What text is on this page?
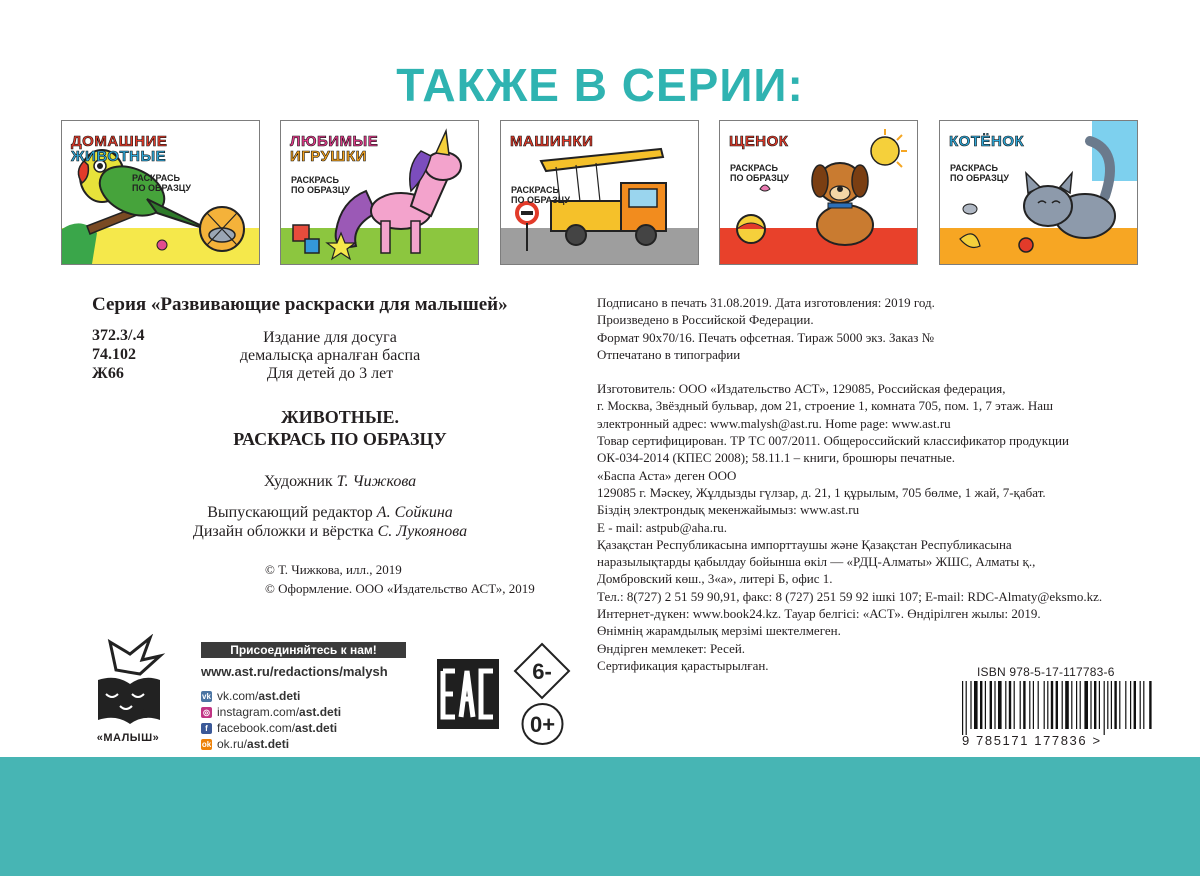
ТАКЖЕ В СЕРИИ:
ДОМАШНИЕ
ЖИВОТНЫЕ
РАСКРАСЬ
ПО ОБРАЗЦУ
ЛЮБИМЫЕ
ИГРУШКИ
РАСКРАСЬ
ПО ОБРАЗЦУ
МАШИНКИ
РАСКРАСЬ
ПО ОБРАЗЦУ
ЩЕНОК
РАСКРАСЬ
ПО ОБРАЗЦУ
КОТЁНОК
РАСКРАСЬ
ПО ОБРАЗЦУ
Серия «Развивающие раскраски для малышей»
372.3/.4
74.102
Ж66
Издание для досуга
демалысқа арналған баспа
Для детей до 3 лет
ЖИВОТНЫЕ.
РАСКРАСЬ ПО ОБРАЗЦУ
Художник Т. Чижкова
Выпускающий редактор А. Сойкина
Дизайн обложки и вёрстка С. Лукоянова
© Т. Чижкова, илл., 2019
© Оформление. ООО «Издательство АСТ», 2019

Подписано в печать 31.08.2019. Дата изготовления: 2019 год.

Произведено в Российской Федерации.

Формат 90x70/16. Печать офсетная. Тираж 5000 экз. Заказ №

Отпечатано в типографии

Изготовитель: ООО «Издательство АСТ», 129085, Российская федерация,

г. Москва, Звёздный бульвар, дом 21, строение 1, комната 705, пом. 1, 7 этаж. Наш

электронный адрес: www.malysh@ast.ru. Home page: www.ast.ru

Товар сертифицирован. ТР ТС 007/2011. Общероссийский классификатор продукции

ОК-034-2014 (КПЕС 2008); 58.11.1 – книги, брошюры печатные.

«Баспа Аста» деген ООО

129085 г. Мәскеу, Жұлдызды гүлзар, д. 21, 1 құрылым, 705 бөлме, 1 жай, 7-қабат.

Біздің электрондық мекенжайымыз: www.ast.ru

E - mail: astpub@aha.ru.

Қазақстан Республикасына импорттаушы және Қазақстан Республикасына

наразылықтарды қабылдау бойынша өкіл — «РДЦ-Алматы» ЖШС, Алматы қ.,

Домбровский көш., 3«а», литері Б, офис 1.

Тел.: 8(727) 2 51 59 90,91, факс: 8 (727) 251 59 92 ішкі 107; E-mail: RDC-Almaty@eksmo.kz.

Интернет-дүкен: www.book24.kz. Тауар белгісі: «АСТ». Өндірілген жылы: 2019.

Өнімнің жарамдылық мерзімі шектелмеген.

Өндірген мемлекет: Ресей.

Сертификация қарастырылған.

0+
«МАЛЫШ»
Присоединяйтесь к нам!
www.ast.ru/redactions/malysh
vk vk.com/ ast.deti
◎ instagram.com/ ast.deti
f facebook.com/ ast.deti
ok ok.ru/ ast.deti
6-
0+
ISBN 978-5-17-117783-6
9 785171 177836 >
